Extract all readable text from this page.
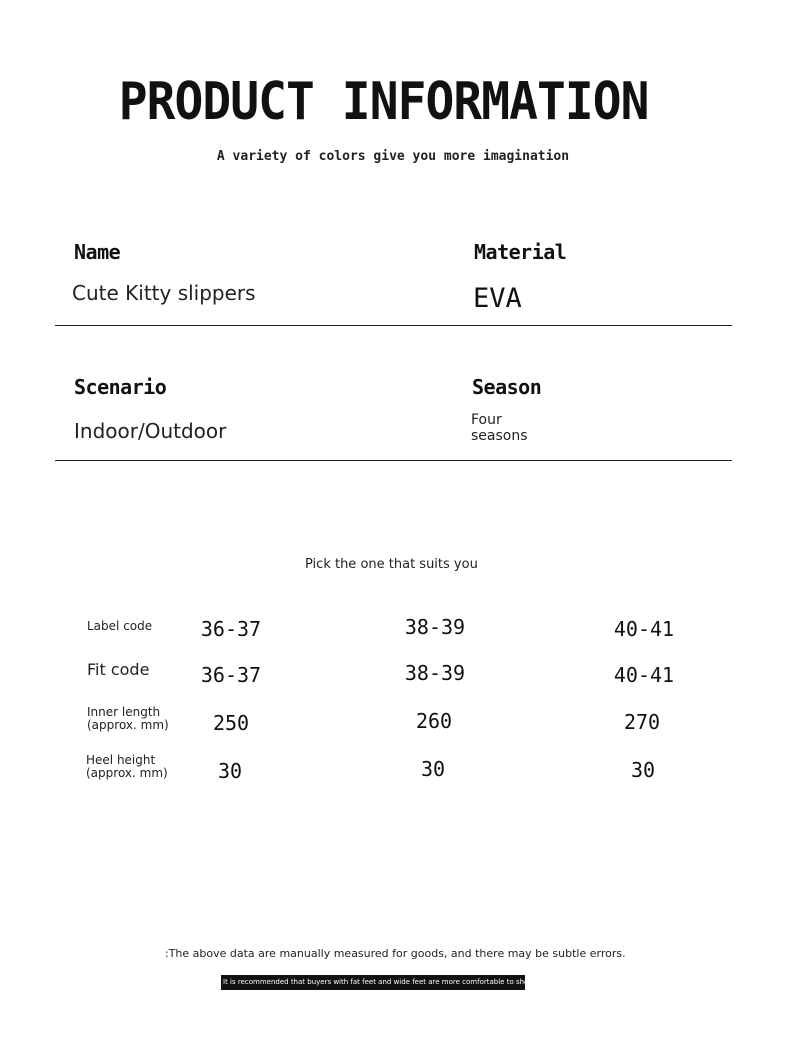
PRODUCT INFORMATION
A variety of colors give you more imagination
Name
Cute Kitty slippers
Material
EVA
Scenario
Indoor/Outdoor
Season
Four
seasons
Pick the one that suits you
Label code	36-37	38-39	40-41
Fit code	36-37	38-39	40-41
Inner length
(approx. mm)	250	260	270
Heel height
(approx. mm)	30	30	30
:The above data are manually measured for goods, and there may be subtle errors.
It is recommended that buyers with fat feet and wide feet are more comfortable to shoot large size 1 =
